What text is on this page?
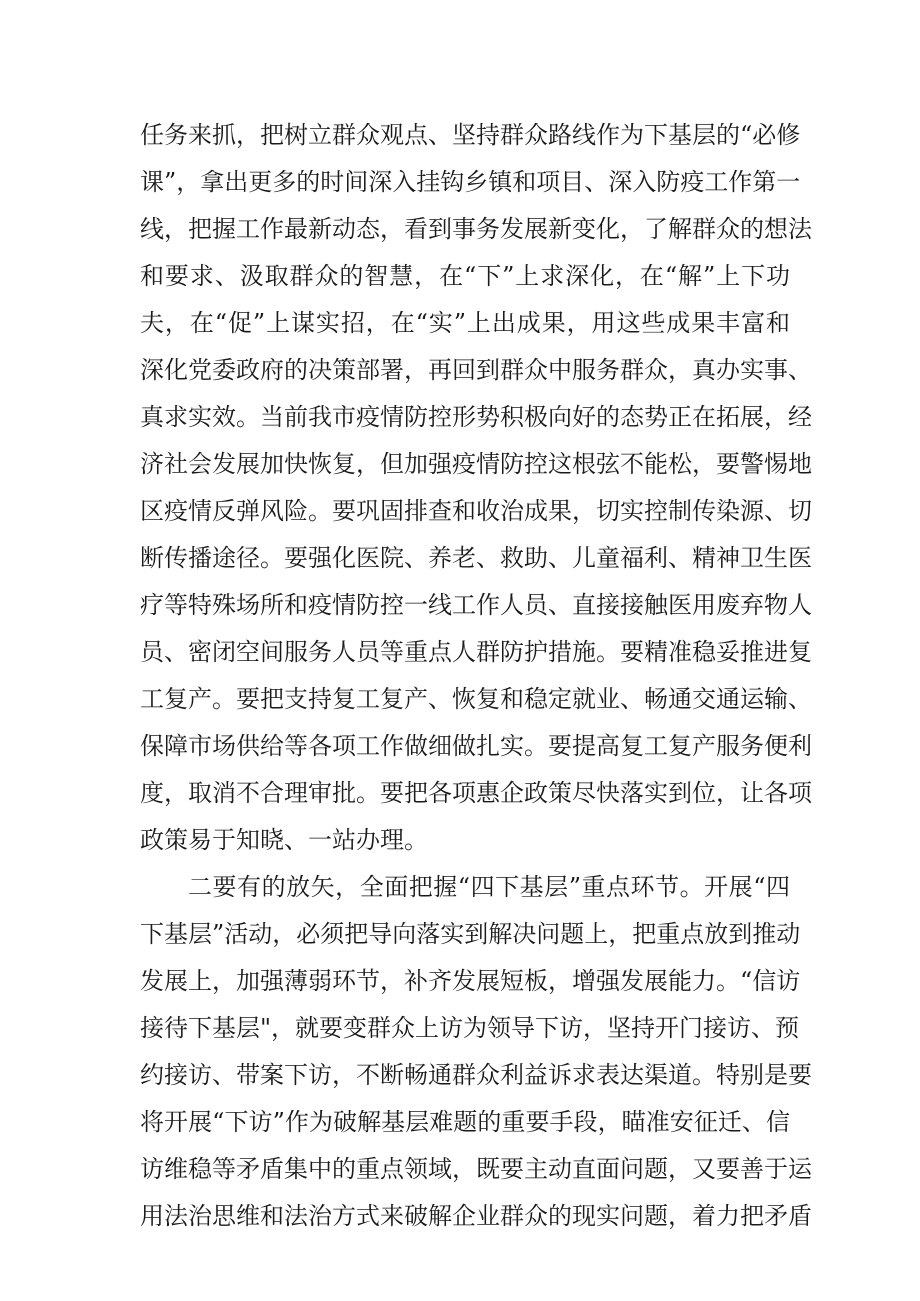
任务来抓，把树立群众观点、坚持群众路线作为下基层的“必修
课”，拿出更多的时间深入挂钩乡镇和项目、深入防疫工作第一
线，把握工作最新动态，看到事务发展新变化，了解群众的想法
和要求、汲取群众的智慧，在“下”上求深化，在“解”上下功
夫，在“促”上谋实招，在“实”上出成果，用这些成果丰富和
深化党委政府的决策部署，再回到群众中服务群众，真办实事、
真求实效。当前我市疫情防控形势积极向好的态势正在拓展，经
济社会发展加快恢复，但加强疫情防控这根弦不能松，要警惕地
区疫情反弹风险。要巩固排查和收治成果，切实控制传染源、切
断传播途径。要强化医院、养老、救助、儿童福利、精神卫生医
疗等特殊场所和疫情防控一线工作人员、直接接触医用废弃物人
员、密闭空间服务人员等重点人群防护措施。要精准稳妥推进复
工复产。要把支持复工复产、恢复和稳定就业、畅通交通运输、
保障市场供给等各项工作做细做扎实。要提高复工复产服务便利
度，取消不合理审批。要把各项惠企政策尽快落实到位，让各项
政策易于知晓、一站办理。
二要有的放矢，全面把握“四下基层”重点环节。开展“四
下基层”活动，必须把导向落实到解决问题上，把重点放到推动
发展上，加强薄弱环节，补齐发展短板，增强发展能力。“信访
接待下基层"，就要变群众上访为领导下访，坚持开门接访、预
约接访、带案下访，不断畅通群众利益诉求表达渠道。特别是要
将开展“下访”作为破解基层难题的重要手段，瞄准安征迁、信
访维稳等矛盾集中的重点领域，既要主动直面问题，又要善于运
用法治思维和法治方式来破解企业群众的现实问题，着力把矛盾
